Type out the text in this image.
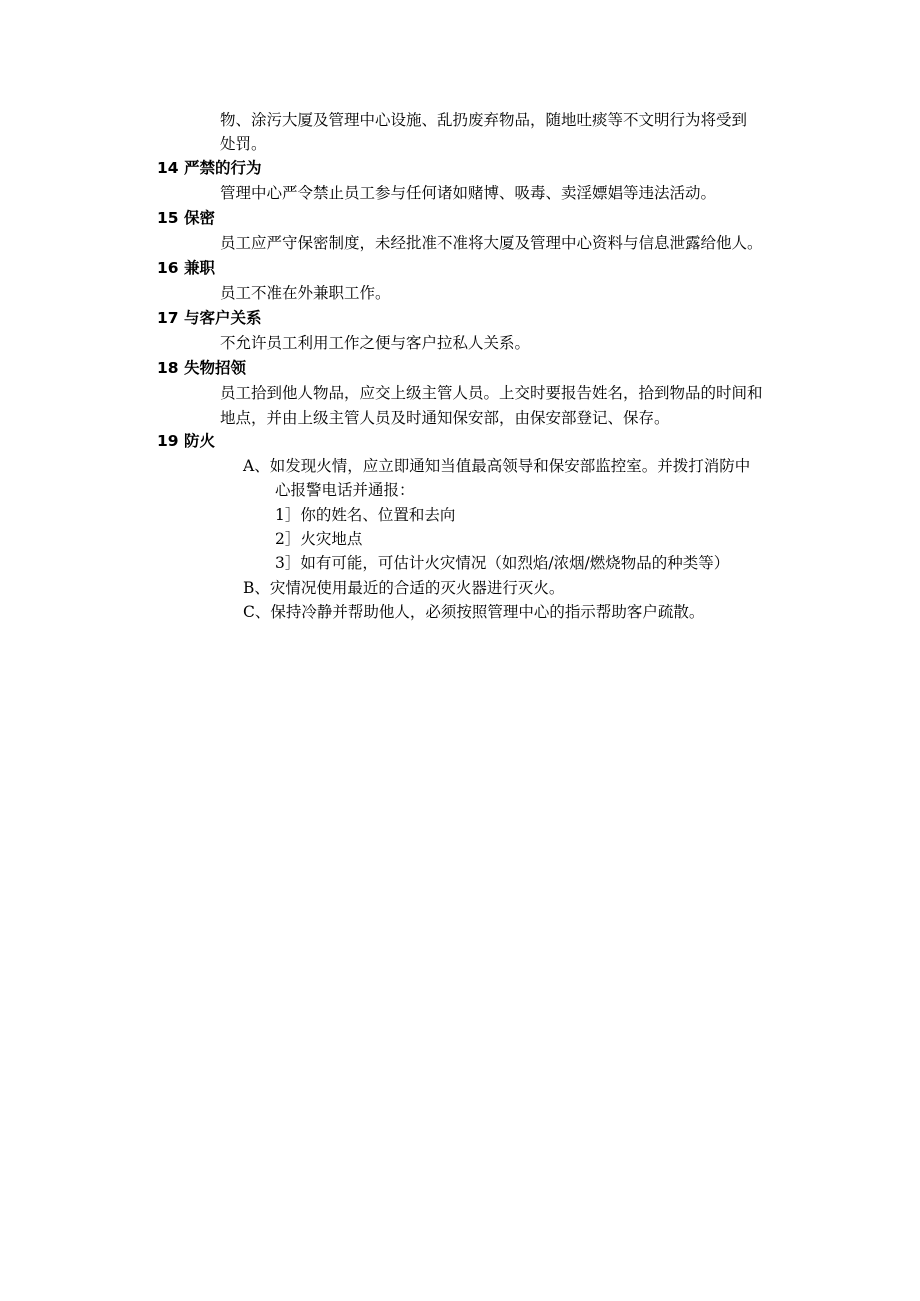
物、涂污大厦及管理中心设施、乱扔废弃物品，随地吐痰等不文明行为将受到
处罚。
14 严禁的行为
管理中心严令禁止员工参与任何诸如赌博、吸毒、卖淫嫖娼等违法活动。
15 保密
员工应严守保密制度，未经批准不准将大厦及管理中心资料与信息泄露给他人。
16 兼职
员工不准在外兼职工作。
17 与客户关系
不允许员工利用工作之便与客户拉私人关系。
18 失物招领
员工拾到他人物品，应交上级主管人员。上交时要报告姓名，拾到物品的时间和
地点，并由上级主管人员及时通知保安部，由保安部登记、保存。
19 防火
A、如发现火情，应立即通知当值最高领导和保安部监控室。并拨打消防中
心报警电话并通报：
1］你的姓名、位置和去向
2］火灾地点
3］如有可能，可估计火灾情况（如烈焰/浓烟/燃烧物品的种类等）
B、灾情况使用最近的合适的灭火器进行灭火。
C、保持冷静并帮助他人，必须按照管理中心的指示帮助客户疏散。
